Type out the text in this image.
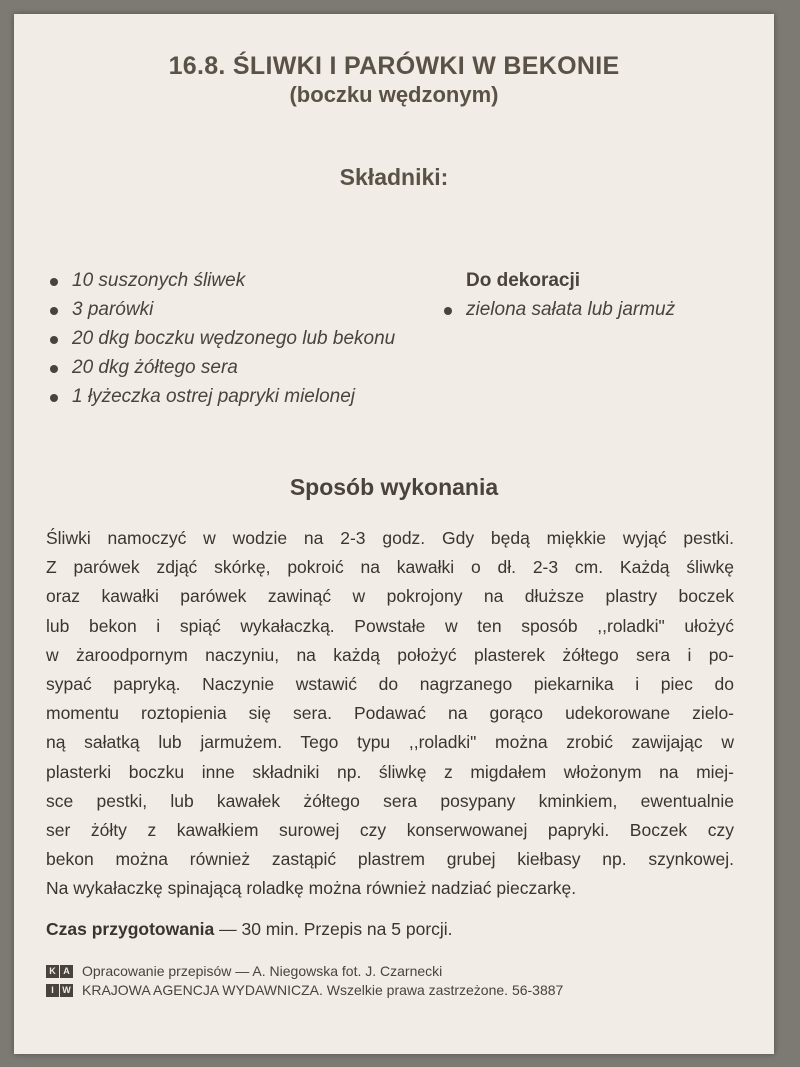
16.8. ŚLIWKI I PARÓWKI W BEKONIE
(boczku wędzonym)
Składniki:
10 suszonych śliwek
3 parówki
20 dkg boczku wędzonego lub bekonu
20 dkg żółtego sera
1 łyżeczka ostrej papryki mielonej
Do dekoracji
zielona sałata lub jarmuż
Sposób wykonania
Śliwki namoczyć w wodzie na 2-3 godz. Gdy będą miękkie wyjąć pestki.
Z parówek zdjąć skórkę, pokroić na kawałki o dł. 2-3 cm. Każdą śliwkę
oraz kawałki parówek zawinąć w pokrojony na dłuższe plastry boczek
lub bekon i spiąć wykałaczką. Powstałe w ten sposób ,,roladki" ułożyć
w żaroodpornym naczyniu, na każdą położyć plasterek żółtego sera i po-
sypać papryką. Naczynie wstawić do nagrzanego piekarnika i piec do
momentu roztopienia się sera. Podawać na gorąco udekorowane zielo-
ną sałatką lub jarmużem. Tego typu ,,roladki" można zrobić zawijając w
plasterki boczku inne składniki np. śliwkę z migdałem włożonym na miej-
sce pestki, lub kawałek żółtego sera posypany kminkiem, ewentualnie
ser żółty z kawałkiem surowej czy konserwowanej papryki. Boczek czy
bekon można również zastąpić plastrem grubej kiełbasy np. szynkowej.
Na wykałaczkę spinającą roladkę można również nadziać pieczarkę.
Czas przygotowania — 30 min. Przepis na 5 porcji.
K A Opracowanie przepisów — A. Niegowska fot. J. Czarnecki
I W KRAJOWA AGENCJA WYDAWNICZA. Wszelkie prawa zastrzeżone. 56-3887
